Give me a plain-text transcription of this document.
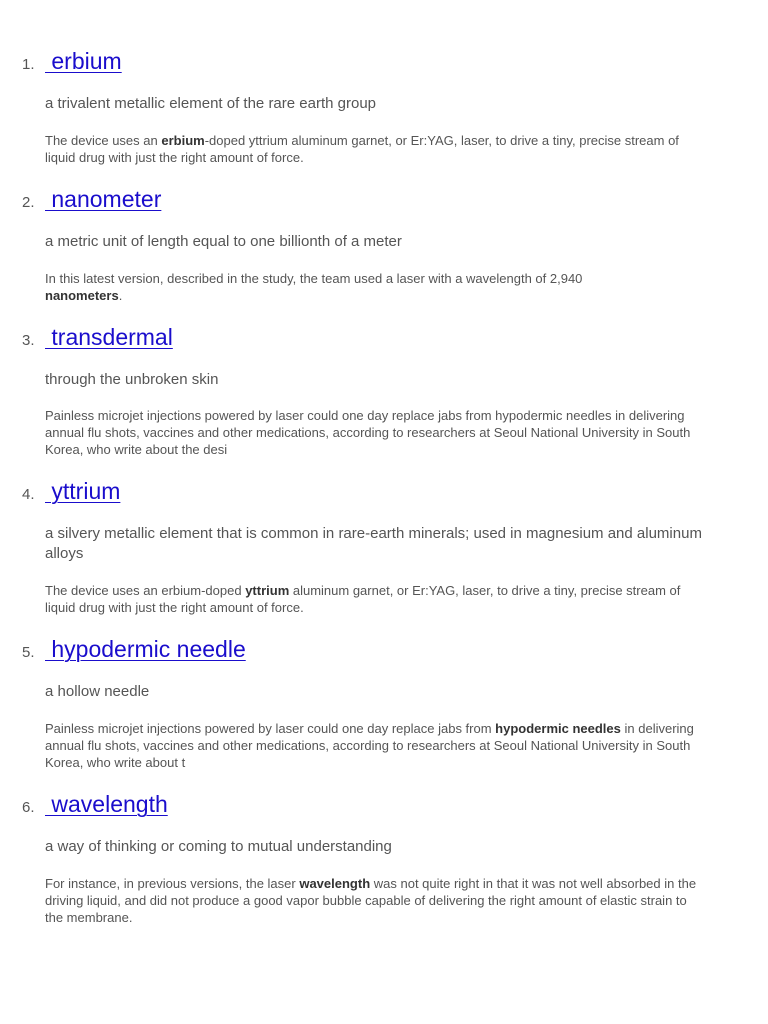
1. erbium
a trivalent metallic element of the rare earth group
The device uses an erbium-doped yttrium aluminum garnet, or Er:YAG, laser, to drive a tiny, precise stream of liquid drug with just the right amount of force.
2. nanometer
a metric unit of length equal to one billionth of a meter
In this latest version, described in the study, the team used a laser with a wavelength of 2,940 nanometers.
3. transdermal
through the unbroken skin
Painless microjet injections powered by laser could one day replace jabs from hypodermic needles in delivering annual flu shots, vaccines and other medications, according to researchers at Seoul National University in South Korea, who write about the desi
4. yttrium
a silvery metallic element that is common in rare-earth minerals; used in magnesium and aluminum alloys
The device uses an erbium-doped yttrium aluminum garnet, or Er:YAG, laser, to drive a tiny, precise stream of liquid drug with just the right amount of force.
5. hypodermic needle
a hollow needle
Painless microjet injections powered by laser could one day replace jabs from hypodermic needles in delivering annual flu shots, vaccines and other medications, according to researchers at Seoul National University in South Korea, who write about t
6. wavelength
a way of thinking or coming to mutual understanding
For instance, in previous versions, the laser wavelength was not quite right in that it was not well absorbed in the driving liquid, and did not produce a good vapor bubble capable of delivering the right amount of elastic strain to the membrane.
